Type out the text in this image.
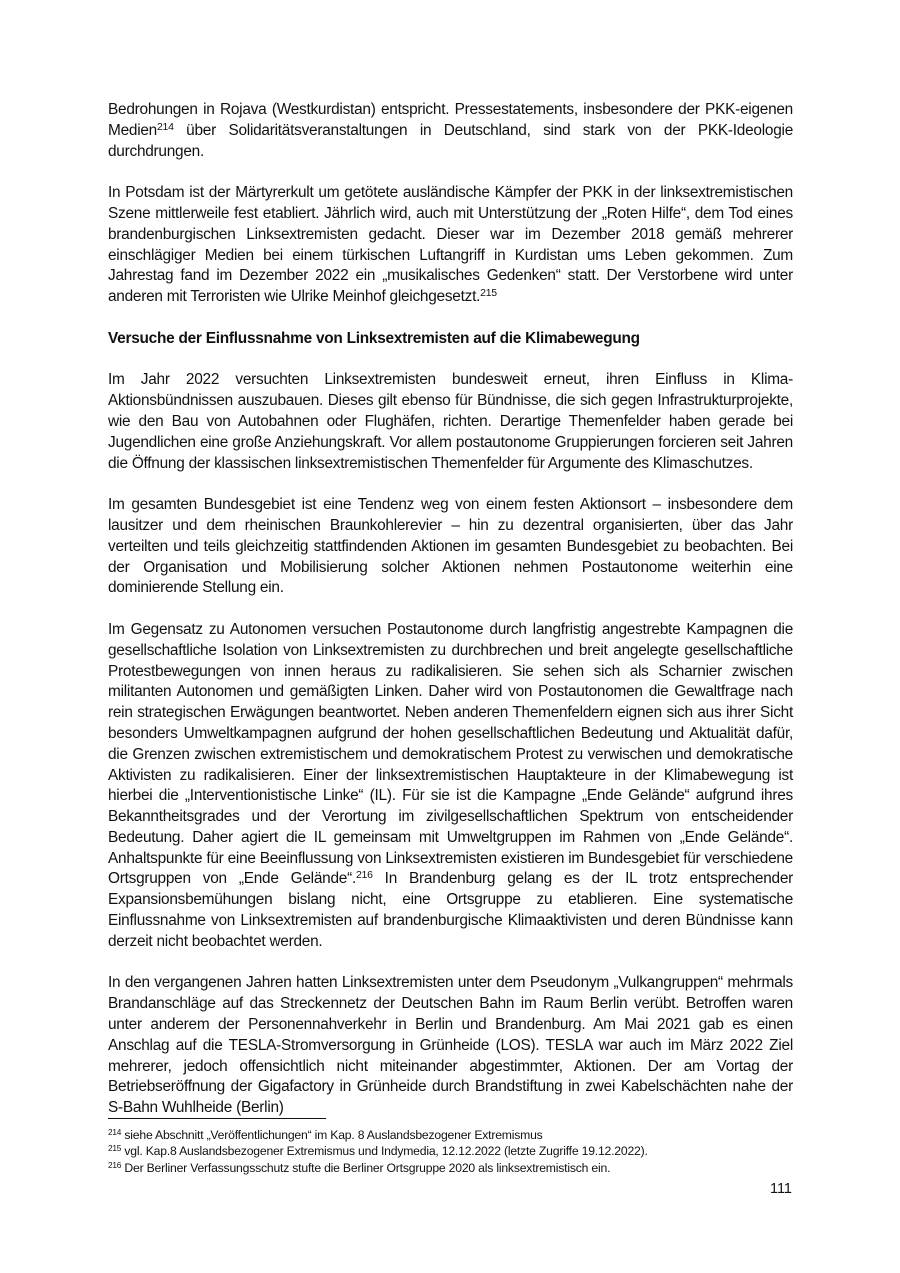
Bedrohungen in Rojava (Westkurdistan) entspricht. Pressestatements, insbesondere der PKK-eigenen Medien$^{214}$ über Solidaritätsveranstaltungen in Deutschland, sind stark von der PKK-Ideologie durchdrungen.

In Potsdam ist der Märtyrerkult um getötete ausländische Kämpfer der PKK in der linksextremistischen Szene mittlerweile fest etabliert. Jährlich wird, auch mit Unterstützung der „Roten Hilfe“, dem Tod eines brandenburgischen Linksextremisten gedacht. Dieser war im Dezember 2018 gemäß mehrerer einschlägiger Medien bei einem türkischen Luftangriff in Kurdistan ums Leben gekommen. Zum Jahrestag fand im Dezember 2022 ein „musikalisches Gedenken“ statt. Der Verstorbene wird unter anderen mit Terroristen wie Ulrike Meinhof gleichgesetzt.$^{215}$

Versuche der Einflussnahme von Linksextremisten auf die Klimabewegung

Im Jahr 2022 versuchten Linksextremisten bundesweit erneut, ihren Einfluss in Klima-Aktionsbündnissen auszubauen. Dieses gilt ebenso für Bündnisse, die sich gegen Infrastrukturprojekte, wie den Bau von Autobahnen oder Flughäfen, richten. Derartige Themenfelder haben gerade bei Jugendlichen eine große Anziehungskraft. Vor allem postautonome Gruppierungen forcieren seit Jahren die Öffnung der klassischen linksextremistischen Themenfelder für Argumente des Klimaschutzes.

Im gesamten Bundesgebiet ist eine Tendenz weg von einem festen Aktionsort – insbesondere dem lausitzer und dem rheinischen Braunkohlerevier – hin zu dezentral organisierten, über das Jahr verteilten und teils gleichzeitig stattfindenden Aktionen im gesamten Bundesgebiet zu beobachten. Bei der Organisation und Mobilisierung solcher Aktionen nehmen Postautonome weiterhin eine dominierende Stellung ein.

Im Gegensatz zu Autonomen versuchen Postautonome durch langfristig angestrebte Kampagnen die gesellschaftliche Isolation von Linksextremisten zu durchbrechen und breit angelegte gesellschaftliche Protestbewegungen von innen heraus zu radikalisieren. Sie sehen sich als Scharnier zwischen militanten Autonomen und gemäßigten Linken. Daher wird von Postautonomen die Gewaltfrage nach rein strategischen Erwägungen beantwortet. Neben anderen Themenfeldern eignen sich aus ihrer Sicht besonders Umweltkampagnen aufgrund der hohen gesellschaftlichen Bedeutung und Aktualität dafür, die Grenzen zwischen extremistischem und demokratischem Protest zu verwischen und demokratische Aktivisten zu radikalisieren. Einer der linksextremistischen Hauptakteure in der Klimabewegung ist hierbei die „Interventionistische Linke“ (IL). Für sie ist die Kampagne „Ende Gelände“ aufgrund ihres Bekanntheitsgrades und der Verortung im zivilgesellschaftlichen Spektrum von entscheidender Bedeutung. Daher agiert die IL gemeinsam mit Umweltgruppen im Rahmen von „Ende Gelände“. Anhaltspunkte für eine Beeinflussung von Linksextremisten existieren im Bundesgebiet für verschiedene Ortsgruppen von „Ende Gelände“.$^{216}$ In Brandenburg gelang es der IL trotz entsprechender Expansionsbemühungen bislang nicht, eine Ortsgruppe zu etablieren. Eine systematische Einflussnahme von Linksextremisten auf brandenburgische Klimaaktivisten und deren Bündnisse kann derzeit nicht beobachtet werden.

In den vergangenen Jahren hatten Linksextremisten unter dem Pseudonym „Vulkangruppen“ mehrmals Brandanschläge auf das Streckennetz der Deutschen Bahn im Raum Berlin verübt. Betroffen waren unter anderem der Personennahverkehr in Berlin und Brandenburg. Am Mai 2021 gab es einen Anschlag auf die TESLA-Stromversorgung in Grünheide (LOS). TESLA war auch im März 2022 Ziel mehrerer, jedoch offensichtlich nicht miteinander abgestimmter, Aktionen. Der am Vortag der Betriebseröffnung der Gigafactory in Grünheide durch Brandstiftung in zwei Kabelschächten nahe der S-Bahn Wuhlheide (Berlin)

$^{214}$ siehe Abschnitt „Veröffentlichungen“ im Kap. 8 Auslandsbezogener Extremismus
$^{215}$ vgl. Kap.8 Auslandsbezogener Extremismus und Indymedia, 12.12.2022 (letzte Zugriffe 19.12.2022).
$^{216}$ Der Berliner Verfassungsschutz stufte die Berliner Ortsgruppe 2020 als linksextremistisch ein.
111
